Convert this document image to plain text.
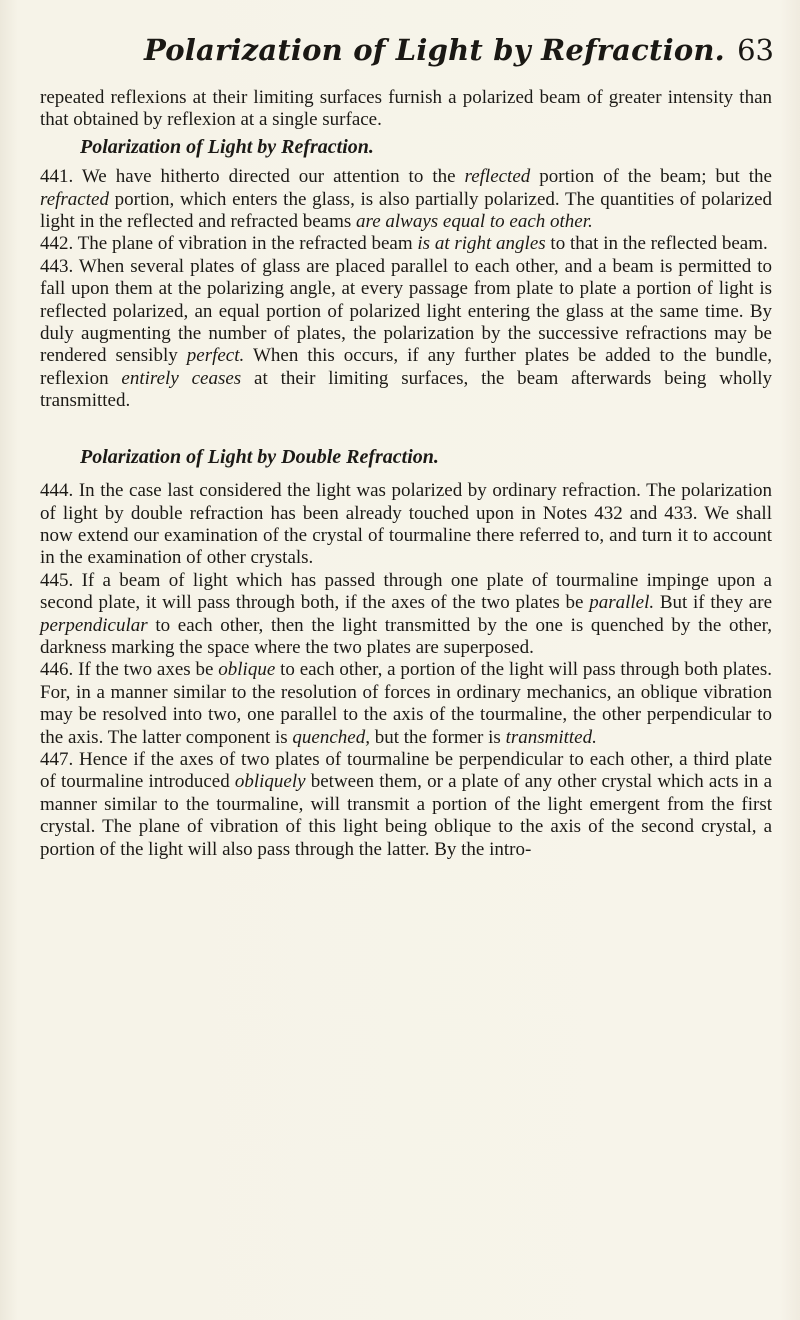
Polarization of Light by Refraction. 63

repeated reflexions at their limiting surfaces furnish a polarized beam of greater intensity than that obtained by reflexion at a single surface.

Polarization of Light by Refraction.

441. We have hitherto directed our attention to the reflected portion of the beam; but the refracted portion, which enters the glass, is also partially polarized. The quantities of polarized light in the reflected and refracted beams are always equal to each other.

442. The plane of vibration in the refracted beam is at right angles to that in the reflected beam.

443. When several plates of glass are placed parallel to each other, and a beam is permitted to fall upon them at the polarizing angle, at every passage from plate to plate a portion of light is reflected polarized, an equal portion of polarized light entering the glass at the same time. By duly augmenting the number of plates, the polarization by the successive refractions may be rendered sensibly perfect. When this occurs, if any further plates be added to the bundle, reflexion entirely ceases at their limiting surfaces, the beam afterwards being wholly transmitted.

Polarization of Light by Double Refraction.

444. In the case last considered the light was polarized by ordinary refraction. The polarization of light by double refraction has been already touched upon in Notes 432 and 433. We shall now extend our examination of the crystal of tourmaline there referred to, and turn it to account in the examination of other crystals.

445. If a beam of light which has passed through one plate of tourmaline impinge upon a second plate, it will pass through both, if the axes of the two plates be parallel. But if they are perpendicular to each other, then the light transmitted by the one is quenched by the other, darkness marking the space where the two plates are superposed.

446. If the two axes be oblique to each other, a portion of the light will pass through both plates. For, in a manner similar to the resolution of forces in ordinary mechanics, an oblique vibration may be resolved into two, one parallel to the axis of the tourmaline, the other perpendicular to the axis. The latter component is quenched, but the former is transmitted.

447. Hence if the axes of two plates of tourmaline be perpendicular to each other, a third plate of tourmaline introduced obliquely between them, or a plate of any other crystal which acts in a manner similar to the tourmaline, will transmit a portion of the light emergent from the first crystal. The plane of vibration of this light being oblique to the axis of the second crystal, a portion of the light will also pass through the latter. By the intro-
